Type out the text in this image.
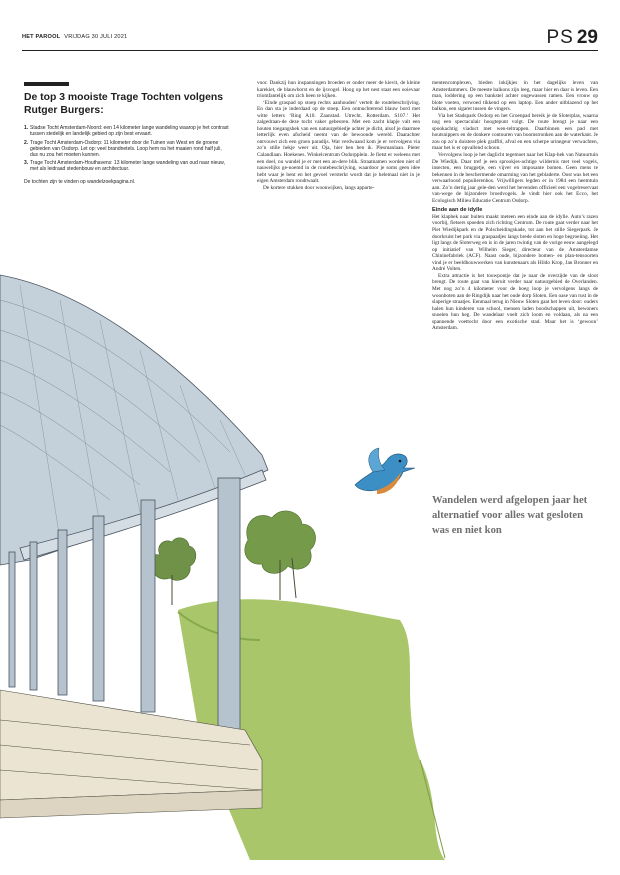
HET PAROOL VRIJDAG 30 JULI 2021	PS 29
De top 3 mooiste Trage Tochten volgens Rutger Burgers:
1. Stadse Tocht Amsterdam-Noord: een 14 kilometer lange wandeling waarop je het contrast tussen stedelijk en landelijk gebied op zijn best ervaart.
2. Trage Tocht Amsterdam-Osdorp: 11 kilometer door de Tuinen van West en de groene gebieden van Osdorp. Let op: veel brandnetels. Loop hem na het maaien rond half juli, dus nu zou het moeten kunnen.
3. Trage Tocht Amsterdam-Houthavens: 13 kilometer lange wandeling van oud naar nieuw, met als leidraad stedenbouw en architectuur.
De tochten zijn te vinden op wandelzoekpagina.nl.

voor. Dankzij hun inspanningen broeden er onder meer de kievit, de kleine karekiet, de blauwborst en de ijsvogel. Hoog op het nest staat een ooievaar triomfantelijk om zich heen te kijken.

‘Einde graspad op stoep rechts aanhouden’ vertelt de routebeschrijving. En dan sta je inderdaad op de stoep. Een ontnuchterend blauw bord met witte letters ‘Ring A10. Zaanstad. Utrecht. Rotterdam. S107.’ Het zalgedraan-de deze tocht vaker gebeuren. Met een zacht klapje valt een houten toegangshek van een natuurgebiedje achter je dicht, alsof je daarmee letterlijk even afscheid neemt van de bewoonde wereld. Daarachter ontvouwt zich een groen paradijs. Wat verdwaand kom je er vervolgens via zo’n stille hekje weer uit. Oja, hier ben ben ik. Plesmanlaan. Pieter Calandlaan. Hoekenes. Winkelcentrum Osdorpplein. Je fietst er weleens met een doel, nu wandel je er met een an-dere blik. Straatnamen worden niet of nauwelijks ge-noemd in de routebeschrijving, waardoor je soms geen idee hebt waar je bent en het gevoel versterkt wordt dat je helemaal niet in je eigen Amsterdam rondtwaalt.

De kortere stukken door woonwijken, langs apparte-

mentencomplexen, bieden inkijkjes in het dagelijks leven van Amsterdammers. De meeste balkons zijn leeg, maar hier en daar is leven. Een man, loddering op een bankstel achter ongewassen ramen. Een vrouw op blote voeten, verwoed tikkend op een laptop. Een ander uitblazend op het balkon, een sigaret tussen de vingers.

Via het Stadspark Osdorp en het Groenpad bereik je de Sloterplas, waarna nog een spectaculair hoogtepunt volgt. De route brengt je naar een spookachtig viaduct met wen-teltrappen. Daarbinnen een pad met houtsnippers en de donkere contouren van boomstronken aan de waterkant. Je zou op zo’n duistere plek graffiti, afval en een scherpe urinegeur verwachten, maar het is er opvallend schoon.

Vervolgens loop je het daglicht tegemoet naar het Klap-hek van Natuurtuin De Wiedijk. Daar tref je een sprookjes-achtige wildernis met veel vogels, insecten, een bruggetje, een vijver en imposante bomen. Geen mens te bekennen in de beschermende omarming van het gebladerte. Oost was het een verwaarloosd populierenbos. Vrijwilligers legden er in 1984 een heemtuin aan. Zo’n dertig jaar gele-den werd het bevenden officieel een vogelreservaat van-wege de bijzondere broedvogels. Je vindt hier ook het Ecco, het Ecologisch Milieu Educatie Centrum Osdorp.

Einde aan de idylle

Het klaphek naar buiten maakt meteen een einde aan de idylle. Auto’s razen voorbij, fietsers spoeden zich richting Centrum. De route gaat verder naar het Piet Wiedijkpark en de Polscheidingskade, tot aan het stille Siegerpark. Je doorkruist het park via graspaadjes langs brede sloten en hoge begroeiing. Het ligt langs de Sloterweg en is in de jaren twintig van de vorige eeuw aangelegd op initiatief van Wilhelm Sieger, directeur van de Amsterdamse Chininefabriek (ACF). Naast oude, bijzondere bomen- en plan-tensoorten vind je er beeldhouwwerken van kunstenaars als Hildo Krop, Jan Bronner en André Volten.

Extra attractie is het touwpontje dat je naar de overzijde van de sloot brengt. De route gaat van hieruit verder naar natuurgebied de Overlanden. Met nog zo’n 4 kilometer voor de boeg loop je vervolgens langs de woonboten aan de Ringdijk naar het oude dorp Sloten. Een oase van rust in de slaperige straatjes. Eenmaal terug in Nieuw Sloten gaat het leven door: ouders halen hun kinderen van school, mensen laden boodschappen uit, bewoners snoeien hun heg. De wandelaar voelt zich loom en voldaan, als na een spannende voettocht door een exotische stad. Maar het is ‘gewoon’ Amsterdam.

Wandelen werd afgelopen jaar het alternatief voor alles wat gesloten was en niet kon
